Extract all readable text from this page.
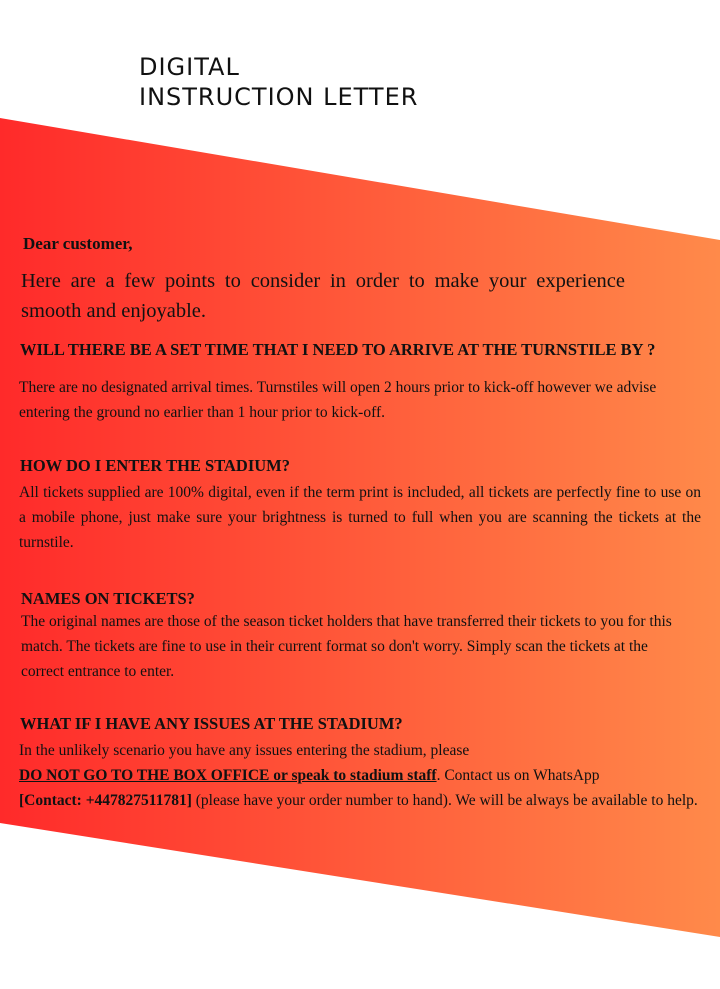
DIGITAL
INSTRUCTION LETTER

Dear customer,

Here are a few points to consider in order to make your experience smooth and enjoyable.

WILL THERE BE A SET TIME THAT I NEED TO ARRIVE AT THE TURNSTILE BY ?

There are no designated arrival times. Turnstiles will open 2 hours prior to kick-off however we advise entering the ground no earlier than 1 hour prior to kick-off.

HOW DO I ENTER THE STADIUM?

All tickets supplied are 100% digital, even if the term print is included, all tickets are perfectly fine to use on a mobile phone, just make sure your brightness is turned to full when you are scanning the tickets at the turnstile.

NAMES ON TICKETS?

The original names are those of the season ticket holders that have transferred their tickets to you for this match. The tickets are fine to use in their current format so don't worry. Simply scan the tickets at the correct entrance to enter.

WHAT IF I HAVE ANY ISSUES AT THE STADIUM?

In the unlikely scenario you have any issues entering the stadium, please
DO NOT GO TO THE BOX OFFICE or speak to stadium staff. Contact us on WhatsApp
[Contact: +447827511781] (please have your order number to hand). We will be always be available to help.
